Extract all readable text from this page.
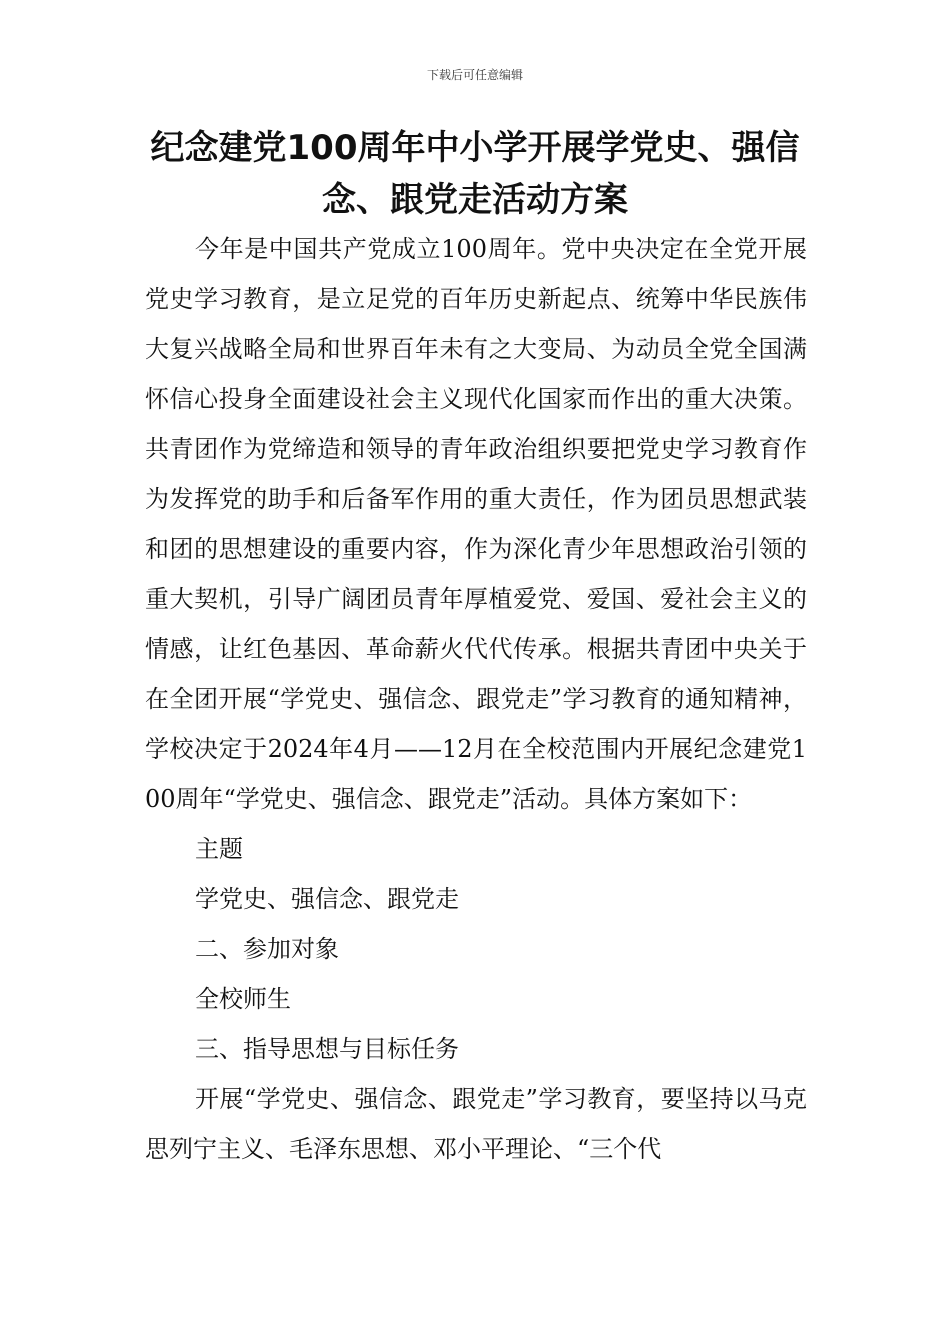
下载后可任意编辑
纪念建党100周年中小学开展学党史、强信念、跟党走活动方案

今年是中国共产党成立100周年。党中央决定在全党开展党史学习教育，是立足党的百年历史新起点、统筹中华民族伟大复兴战略全局和世界百年未有之大变局、为动员全党全国满怀信心投身全面建设社会主义现代化国家而作出的重大决策。共青团作为党缔造和领导的青年政治组织要把党史学习教育作为发挥党的助手和后备军作用的重大责任，作为团员思想武装和团的思想建设的重要内容，作为深化青少年思想政治引领的重大契机，引导广阔团员青年厚植爱党、爱国、爱社会主义的情感，让红色基因、革命薪火代代传承。根据共青团中央关于在全团开展“学党史、强信念、跟党走”学习教育的通知精神，学校决定于2024年4月——12月在全校范围内开展纪念建党100周年“学党史、强信念、跟党走”活动。具体方案如下：

主题

学党史、强信念、跟党走

二、参加对象

全校师生

三、指导思想与目标任务

开展“学党史、强信念、跟党走”学习教育，要坚持以马克思列宁主义、毛泽东思想、邓小平理论、“三个代
